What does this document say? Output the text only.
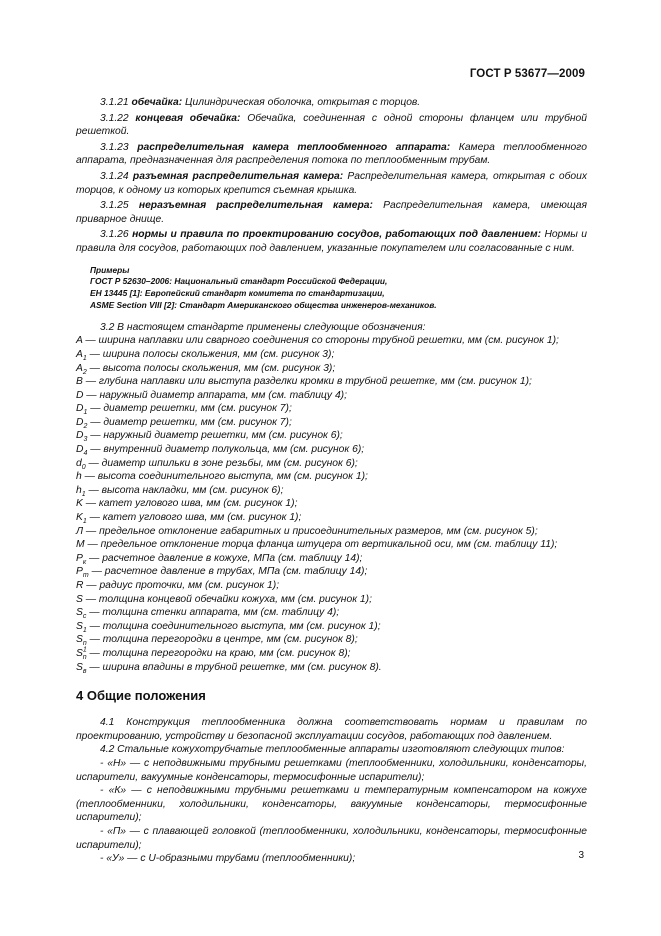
ГОСТ Р 53677—2009

3.1.21 обечайка: Цилиндрическая оболочка, открытая с торцов.

3.1.22 концевая обечайка: Обечайка, соединенная с одной стороны фланцем или трубной решеткой.

3.1.23 распределительная камера теплообменного аппарата: Камера теплообменного аппарата, предназначенная для распределения потока по теплообменным трубам.

3.1.24 разъемная распределительная камера: Распределительная камера, открытая с обоих торцов, к одному из которых крепится съемная крышка.

3.1.25 неразъемная распределительная камера: Распределительная камера, имеющая приварное днище.

3.1.26 нормы и правила по проектированию сосудов, работающих под давлением: Нормы и правила для сосудов, работающих под давлением, указанные покупателем или согласованные с ним.

Примеры

ГОСТ Р 52630–2006: Национальный стандарт Российской Федерации,

EH 13445 [1]: Европейский стандарт комитета по стандартизации,

ASME Section VIII [2]: Стандарт Американского общества инженеров-механиков.

3.2 В настоящем стандарте применены следующие обозначения:

A — ширина наплавки или сварного соединения со стороны трубной решетки, мм (см. рисунок 1);

$A_1$ — ширина полосы скольжения, мм (см. рисунок 3);

$A_2$ — высота полосы скольжения, мм (см. рисунок 3);

B — глубина наплавки или выступа разделки кромки в трубной решетке, мм (см. рисунок 1);

D — наружный диаметр аппарата, мм (см. таблицу 4);

$D_1$ — диаметр решетки, мм (см. рисунок 7);

$D_2$ — диаметр решетки, мм (см. рисунок 7);

$D_3$ — наружный диаметр решетки, мм (см. рисунок 6);

$D_4$ — внутренний диаметр полукольца, мм (см. рисунок 6);

$d_0$ — диаметр шпильки в зоне резьбы, мм (см. рисунок 6);

h — высота соединительного выступа, мм (см. рисунок 1);

$h_1$ — высота накладки, мм (см. рисунок 6);

K — катет углового шва, мм (см. рисунок 1);

$K_1$ — катет углового шва, мм (см. рисунок 1);

Л — предельное отклонение габаритных и присоединительных размеров, мм (см. рисунок 5);

M — предельное отклонение торца фланца штуцера от вертикальной оси, мм (см. таблицу 11);

$P_к$ — расчетное давление в кожухе, МПа (см. таблицу 14);

$P_т$ — расчетное давление в трубах, МПа (см. таблицу 14);

R — радиус проточки, мм (см. рисунок 1);

S — толщина концевой обечайки кожуха, мм (см. рисунок 1);

$S_c$ — толщина стенки аппарата, мм (см. таблицу 4);

$S_1$ — толщина соединительного выступа, мм (см. рисунок 1);

$S_n$ — толщина перегородки в центре, мм (см. рисунок 8);

$S^1_n$ — толщина перегородки на краю, мм (см. рисунок 8);

$S_в$ — ширина впадины в трубной решетке, мм (см. рисунок 8).

4 Общие положения

4.1 Конструкция теплообменника должна соответствовать нормам и правилам по проектированию, устройству и безопасной эксплуатации сосудов, работающих под давлением.

4.2 Стальные кожухотрубчатые теплообменные аппараты изготовляют следующих типов:

- «Н» — с неподвижными трубными решетками (теплообменники, холодильники, конденсаторы, испарители, вакуумные конденсаторы, термосифонные испарители);

- «К» — с неподвижными трубными решетками и температурным компенсатором на кожухе (теплообменники, холодильники, конденсаторы, вакуумные конденсаторы, термосифонные испарители);

- «П» — с плавающей головкой (теплообменники, холодильники, конденсаторы, термосифонные испарители);

- «У» — с U-образными трубами (теплообменники);	3
